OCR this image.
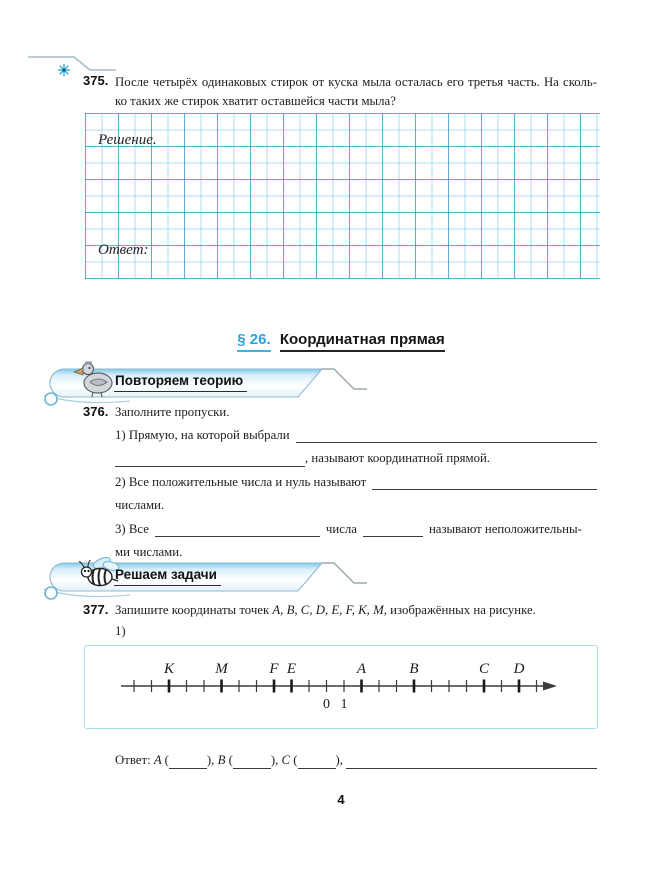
375. После четырёх одинаковых стирок от куска мыла осталась его третья часть. На сколь-
ко таких же стирок хватит оставшейся части мыла?
Решение.
Ответ:
§ 26. Координатная прямая
Повторяем теорию
376. Заполните пропуски.
1) Прямую, на которой выбрали
, называют координатной прямой.
2) Все положительные числа и нуль называют
числами.
3) Все	числа	называют неположительны-
ми числами.
Решаем задачи
377. Запишите координаты точек A, B, C, D, E, F, K, M, изображённых на рисунке.
1)
K	M	F E	A	B	C D
0 1
Ответ: A (	), B (	), C (	),
4
